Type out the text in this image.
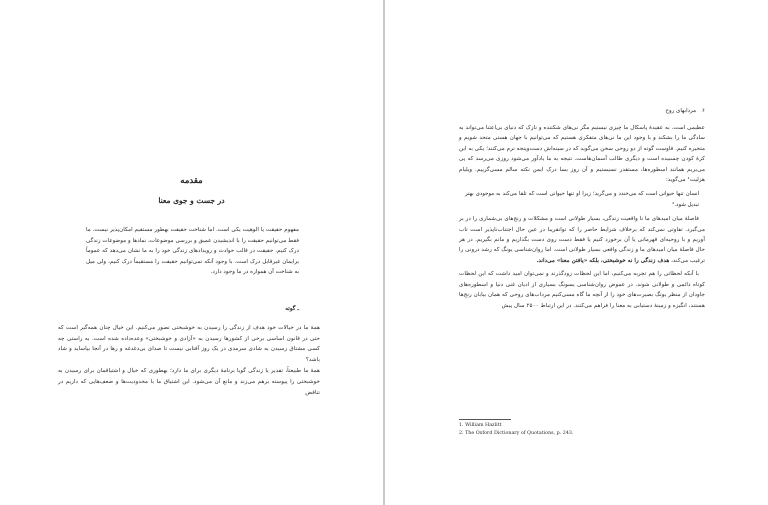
مقدمه
در جست و جوی معنا
مفهوم حقیقت یا الوهیت یکی است. اما شناخت حقیقت بهطور مستقیم امکان‌پذیر نیست. ما فقط می‌توانیم حقیقت را با اندیشیدن عمیق و بررسی موضوعات، نمادها و موضوعات زندگی درک کنیم. حقیقت در قالب حوادث و رویدادهای زندگی خود را به ما نشان می‌دهد که عموماً برایمان غیرقابل درک است. با وجود آنکه نمی‌توانیم حقیقت را مستقیماً درک کنیم، ولی میل به شناخت آن همواره در ما وجود دارد.
ـ گوته

همهٔ ما در خیالات خود هدف از زندگی را رسیدن به خوشبختی تصور می‌کنیم. این خیال چنان همه‌گیر است که حتی در قانون اساسی برخی از کشورها رسیدن به «آزادی و خوشبختی» وعده‌داده شده است. به راستی چه کسی مشتاق رسیدن به شادی سرمدی در یک روز آفتابی نیست تا صدای بی‌دغدغه و رها در آنجا بیاساید و شاد باشد؟

همهٔ ما طبیعتاً، تقدیر یا زندگی گویا برنامهٔ دیگری برای ما دارد؛ بهطوری که خیال و اشتیاقمان برای رسیدن به خوشبختی را پیوسته برهم می‌زند و مانع آن می‌شود. این اشتیاق ما با محدودیت‌ها و ضعف‌هایی که داریم در تناقض

۶مردابهای روح

عظیمی است. به عقیدهٔ پاسکال ما چیزی نیستیم مگر نی‌های شکننده و نازک که دنیای بی‌اعتنا می‌تواند به سادگی ما را بشکند و با وجود این ما نی‌های متفکری هستیم که می‌توانیم با جهان هستی متحد شویم و متحیره کنیم. فاوست گوته از دو روحی سخن می‌گوید که در سینه‌اش دست‌وپنجه نرم می‌کنند؛ یکی به این کرهٔ کودن چسبیده است و دیگری طالب آسمان‌هاست. نتیجه به ما یادآور می‌شود روزی می‌رسد که پی می‌بریم همانند اسطوره‌ها، مستقدر نسیستیم و آن روز بسا درک ایمن نکته سالم مسی‌گرییم. ویلیام هزلیت¹ می‌گوید:

انسان تنها حیوانی است که می‌خندد و می‌گرید؛ زیرا او تنها حیوانی است که تلقا می‌کند به موجودی بهتر تبدیل شود.²

فاصلهٔ میان امیدهای ما تا واقعیت زندگی، بسیار طولانی است و مشکلات و رنج‌های بی‌شماری را در بر می‌گیرد. تفاوتی نمی‌کند که برخلاف شرایط حاضر را که توانقریبا در عین حال اجتناب‌ناپذیر است تاب آوریم و با روحیه‌ای قهرمانی یا آن برخورد کنیم یا فقط دست روی دست بگذاریم و ماتم بگیریم. در هر حال فاصلهٔ میان امیدهای ما و زندگی واقعی بسیار طولانی است. اما روان‌شناسی یونگ که رشد درونی را ترغیب می‌کند، هدف زندگی را نه خوشبختی، بلکه «یافتن معنا» می‌داند.

با آنکه لحظاتی را هم تجربه می‌کنیم، اما این لحظات زودگذرند و نمی‌توان امید داشت که این لحظات کوتاه دائمی و طولانی شوند. در عموض روان‌شناسی یسونگ بسیاری از ادیان غنی دنیا و اسطوره‌های جاودان از منظر یونگ بصیرت‌های خود را از آنچه ما گاه مسی‌کنیم مرداب‌های روحی که همان بیابان رنج‌ها هستند، انگیزه و زمینهٔ دستیابی به معنا را فراهم می‌کنند. در این ارتباط ۲۵۰۰ سال پیش

1. William Hazlitt
2. The Oxford Dictionary of Quotations, p. 243.
